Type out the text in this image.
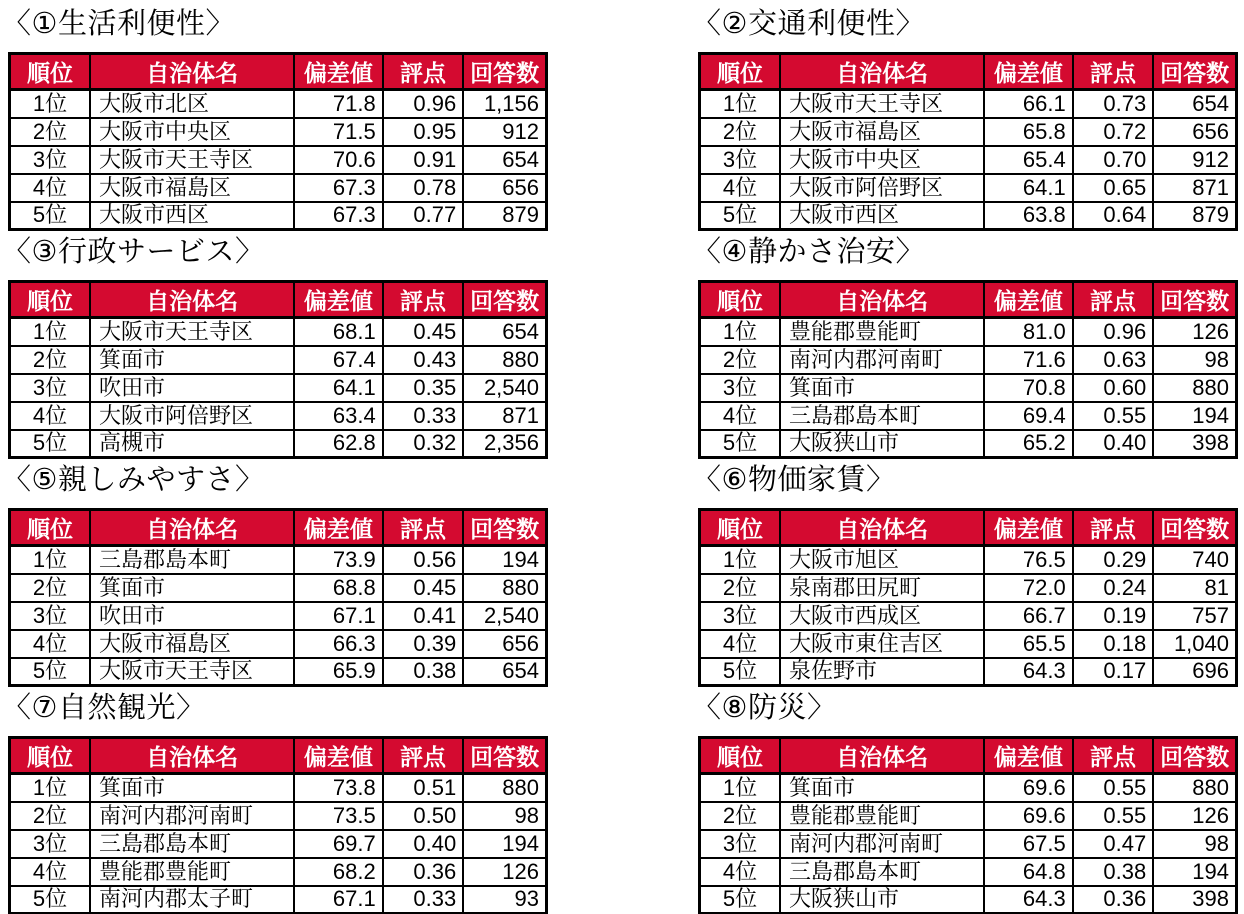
〈①生活利便性〉
順位	自治体名	偏差値	評点	回答数
1位	大阪市北区	71.8	0.96	1,156
2位	大阪市中央区	71.5	0.95	912
3位	大阪市天王寺区	70.6	0.91	654
4位	大阪市福島区	67.3	0.78	656
5位	大阪市西区	67.3	0.77	879
〈②交通利便性〉
順位	自治体名	偏差値	評点	回答数
1位	大阪市天王寺区	66.1	0.73	654
2位	大阪市福島区	65.8	0.72	656
3位	大阪市中央区	65.4	0.70	912
4位	大阪市阿倍野区	64.1	0.65	871
5位	大阪市西区	63.8	0.64	879
〈③行政サービス〉
順位	自治体名	偏差値	評点	回答数
1位	大阪市天王寺区	68.1	0.45	654
2位	箕面市	67.4	0.43	880
3位	吹田市	64.1	0.35	2,540
4位	大阪市阿倍野区	63.4	0.33	871
5位	高槻市	62.8	0.32	2,356
〈④静かさ治安〉
順位	自治体名	偏差値	評点	回答数
1位	豊能郡豊能町	81.0	0.96	126
2位	南河内郡河南町	71.6	0.63	98
3位	箕面市	70.8	0.60	880
4位	三島郡島本町	69.4	0.55	194
5位	大阪狭山市	65.2	0.40	398
〈⑤親しみやすさ〉
順位	自治体名	偏差値	評点	回答数
1位	三島郡島本町	73.9	0.56	194
2位	箕面市	68.8	0.45	880
3位	吹田市	67.1	0.41	2,540
4位	大阪市福島区	66.3	0.39	656
5位	大阪市天王寺区	65.9	0.38	654
〈⑥物価家賃〉
順位	自治体名	偏差値	評点	回答数
1位	大阪市旭区	76.5	0.29	740
2位	泉南郡田尻町	72.0	0.24	81
3位	大阪市西成区	66.7	0.19	757
4位	大阪市東住吉区	65.5	0.18	1,040
5位	泉佐野市	64.3	0.17	696
〈⑦自然観光〉
順位	自治体名	偏差値	評点	回答数
1位	箕面市	73.8	0.51	880
2位	南河内郡河南町	73.5	0.50	98
3位	三島郡島本町	69.7	0.40	194
4位	豊能郡豊能町	68.2	0.36	126
5位	南河内郡太子町	67.1	0.33	93
〈⑧防災〉
順位	自治体名	偏差値	評点	回答数
1位	箕面市	69.6	0.55	880
2位	豊能郡豊能町	69.6	0.55	126
3位	南河内郡河南町	67.5	0.47	98
4位	三島郡島本町	64.8	0.38	194
5位	大阪狭山市	64.3	0.36	398
